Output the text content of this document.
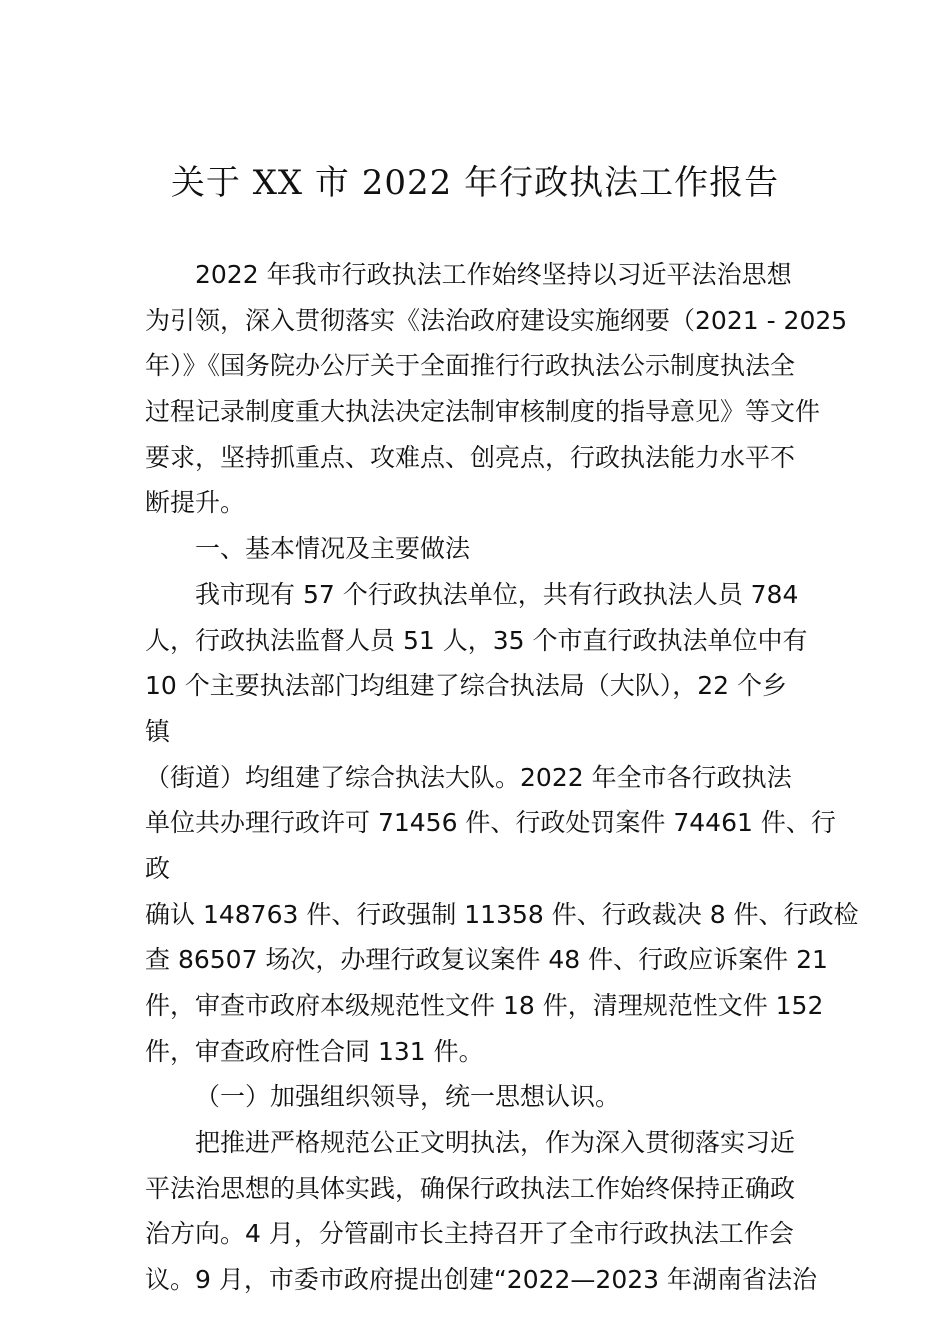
关于 XX 市 2022 年行政执法工作报告
2022 年我市行政执法工作始终坚持以习近平法治思想
为引领，深入贯彻落实《法治政府建设实施纲要（2021 - 2025
年）》《国务院办公厅关于全面推行行政执法公示制度执法全
过程记录制度重大执法决定法制审核制度的指导意见》等文件
要求，坚持抓重点、攻难点、创亮点，行政执法能力水平不
断提升。
一、基本情况及主要做法
我市现有 57 个行政执法单位，共有行政执法人员 784
人，行政执法监督人员 51 人，35 个市直行政执法单位中有
10 个主要执法部门均组建了综合执法局（大队），22 个乡
镇
（街道）均组建了综合执法大队。2022 年全市各行政执法
单位共办理行政许可 71456 件、行政处罚案件 74461 件、行
政
确认 148763 件、行政强制 11358 件、行政裁决 8 件、行政检
查 86507 场次，办理行政复议案件 48 件、行政应诉案件 21
件，审查市政府本级规范性文件 18 件，清理规范性文件 152
件，审查政府性合同 131 件。
（一）加强组织领导，统一思想认识。
把推进严格规范公正文明执法，作为深入贯彻落实习近
平法治思想的具体实践，确保行政执法工作始终保持正确政
治方向。4 月，分管副市长主持召开了全市行政执法工作会
议。9 月，市委市政府提出创建“2022—2023 年湖南省法治
